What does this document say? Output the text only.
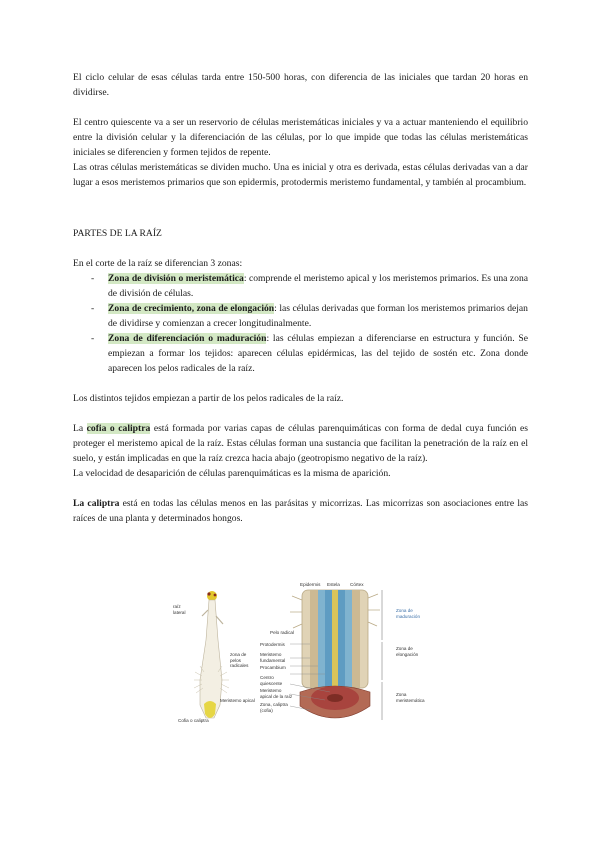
El ciclo celular de esas células tarda entre 150-500 horas, con diferencia de las iniciales que tardan 20 horas en dividirse.

El centro quiescente va a ser un reservorio de células meristemáticas iniciales y va a actuar manteniendo el equilibrio entre la división celular y la diferenciación de las células, por lo que impide que todas las células meristemáticas iniciales se diferencien y formen tejidos de repente.

Las otras células meristemáticas se dividen mucho. Una es inicial y otra es derivada, estas células derivadas van a dar lugar a esos meristemos primarios que son epidermis, protodermis meristemo fundamental, y también al procambium.

PARTES DE LA RAÍZ

En el corte de la raíz se diferencian 3 zonas:

- Zona de división o meristemática: comprende el meristemo apical y los meristemos primarios. Es una zona de división de células.
- Zona de crecimiento, zona de elongación: las células derivadas que forman los meristemos primarios dejan de dividirse y comienzan a crecer longitudinalmente.
- Zona de diferenciación o maduración: las células empiezan a diferenciarse en estructura y función. Se empiezan a formar los tejidos: aparecen células epidérmicas, las del tejido de sostén etc. Zona donde aparecen los pelos radicales de la raíz.

Los distintos tejidos empiezan a partir de los pelos radicales de la raíz.

La cofia o caliptra está formada por varias capas de células parenquimáticas con forma de dedal cuya función es proteger el meristemo apical de la raíz. Estas células forman una sustancia que facilitan la penetración de la raíz en el suelo, y están implicadas en que la raíz crezca hacia abajo (geotropismo negativo de la raíz).

La velocidad de desaparición de células parenquimáticas es la misma de aparición.

La caliptra está en todas las células menos en las parásitas y micorrizas. Las micorrizas son asociaciones entre las raíces de una planta y determinados hongos.

raíz
lateral
zona de
pelos
radicales
Meristemo apical
Cofia o caliptra
Epidermis Estela Córtex
Pelo radical
Zona de
maduración
Zona de
elongación
Zona
meristemática
Protodermis
Meristemo
fundamental
Procambium
Centro
quiescente
Meristemo
apical de la raíz
Zona, caliptra
(cofia)
